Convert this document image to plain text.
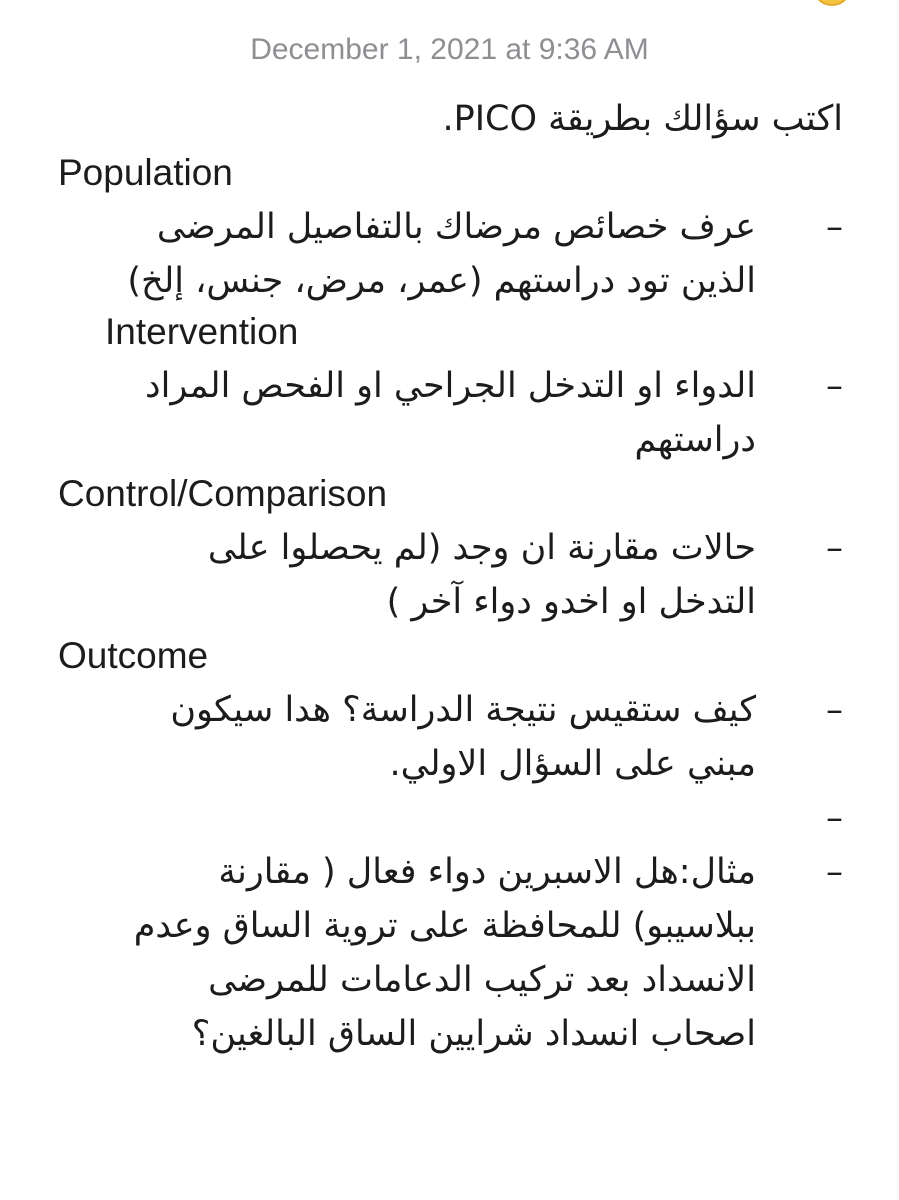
December 1, 2021 at 9:36 AM
اكتب سؤالك بطريقة PICO.
Population
–
عرف خصائص مرضاك بالتفاصيل المرضى
الذين تود دراستهم (عمر، مرض، جنس، إلخ)
Intervention
–
الدواء او التدخل الجراحي او الفحص المراد
دراستهم
Control/Comparison
–
حالات مقارنة ان وجد (لم يحصلوا على
التدخل او اخدو دواء آخر )
Outcome
–
كيف ستقيس نتيجة الدراسة؟ هدا سيكون
مبني على السؤال الاولي.
–
–
مثال:هل الاسبرين دواء فعال ( مقارنة
ببلاسيبو) للمحافظة على تروية الساق وعدم
الانسداد بعد تركيب الدعامات للمرضى
اصحاب انسداد شرايين الساق البالغين؟
